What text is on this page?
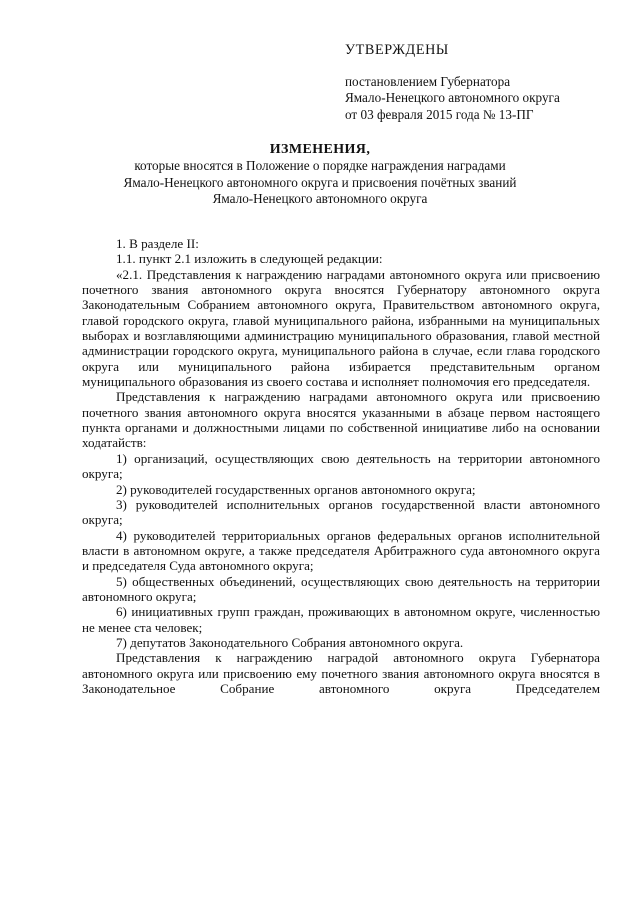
УТВЕРЖДЕНЫ
постановлением Губернатора
Ямало-Ненецкого автономного округа
от 03 февраля 2015 года № 13-ПГ
ИЗМЕНЕНИЯ,
которые вносятся в Положение о порядке награждения наградами
Ямало-Ненецкого автономного округа и присвоения почётных званий
Ямало-Ненецкого автономного округа

1. В разделе II:

1.1. пункт 2.1 изложить в следующей редакции:

«2.1. Представления к награждению наградами автономного округа или присвоению почетного звания автономного округа вносятся Губернатору автономного округа Законодательным Собранием автономного округа, Правительством автономного округа, главой городского округа, главой муниципального района, избранными на муниципальных выборах и возглавляющими администрацию муниципального образования, главой местной администрации городского округа, муниципального района в случае, если глава городского округа или муниципального района избирается представительным органом муниципального образования из своего состава и исполняет полномочия его председателя.

Представления к награждению наградами автономного округа или присвоению почетного звания автономного округа вносятся указанными в абзаце первом настоящего пункта органами и должностными лицами по собственной инициативе либо на основании ходатайств:

1) организаций, осуществляющих свою деятельность на территории автономного округа;

2) руководителей государственных органов автономного округа;

3) руководителей исполнительных органов государственной власти автономного округа;

4) руководителей территориальных органов федеральных органов исполнительной власти в автономном округе, а также председателя Арбитражного суда автономного округа и председателя Суда автономного округа;

5) общественных объединений, осуществляющих свою деятельность на территории автономного округа;

6) инициативных групп граждан, проживающих в автономном округе, численностью не менее ста человек;

7) депутатов Законодательного Собрания автономного округа.

Представления к награждению наградой автономного округа Губернатора автономного округа или присвоению ему почетного звания автономного округа вносятся в Законодательное Собрание автономного округа Председателем
